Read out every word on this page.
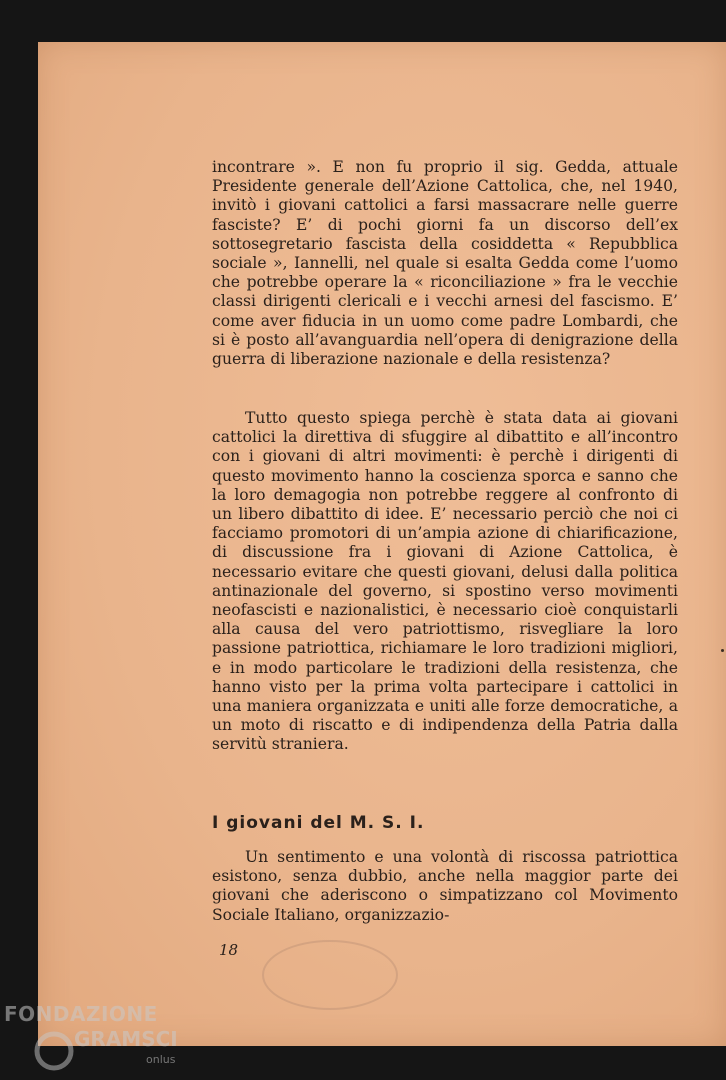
incontrare ». E non fu proprio il sig. Gedda, attuale Presidente generale dell’Azione Cattolica, che, nel 1940, invitò i giovani cattolici a farsi massacrare nelle guerre fasciste? E’ di pochi giorni fa un discorso dell’ex sottosegretario fascista della cosiddetta « Repubblica sociale », Iannelli, nel quale si esalta Gedda come l’uomo che potrebbe operare la « riconciliazione » fra le vecchie classi dirigenti clericali e i vecchi arnesi del fascismo. E’ come aver fiducia in un uomo come padre Lombardi, che si è posto all’avanguardia nell’opera di denigrazione della guerra di liberazione nazionale e della resistenza?
Tutto questo spiega perchè è stata data ai giovani cattolici la direttiva di sfuggire al dibattito e all’incontro con i giovani di altri movimenti: è perchè i dirigenti di questo movimento hanno la coscienza sporca e sanno che la loro demagogia non potrebbe reggere al confronto di un libero dibattito di idee. E’ necessario perciò che noi ci facciamo promotori di un’ampia azione di chiarificazione, di discussione fra i giovani di Azione Cattolica, è necessario evitare che questi giovani, delusi dalla politica antinazionale del governo, si spostino verso movimenti neofascisti e nazionalistici, è necessario cioè conquistarli alla causa del vero patriottismo, risvegliare la loro passione patriottica, richiamare le loro tradizioni migliori, e in modo particolare le tradizioni della resistenza, che hanno visto per la prima volta partecipare i cattolici in una maniera organizzata e uniti alle forze democratiche, a un moto di riscatto e di indipendenza della Patria dalla servitù straniera.
I giovani del M. S. I.
Un sentimento e una volontà di riscossa patriottica esistono, senza dubbio, anche nella maggior parte dei giovani che aderiscono o simpatizzano col Movimento Sociale Italiano, organizzazio-
18
FONDAZIONE
GRAMSCI
onlus
